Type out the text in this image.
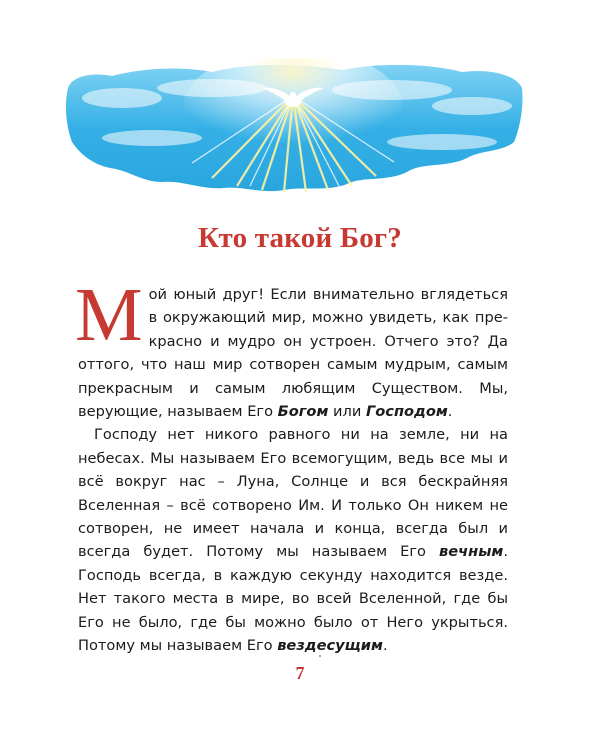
Кто такой Бог?

Мой юный друг! Если внимательно вглядеться в окружающий мир, можно увидеть, как прекрасно и мудро он устроен. Отчего это? Да оттого, что наш мир сотворен самым мудрым, самым прекрасным и самым любящим Существом. Мы, верующие, называем Его Богом или Господом.

Господу нет никого равного ни на земле, ни на небесах. Мы называем Его всемогущим, ведь все мы и всё вокруг нас – Луна, Солнце и вся бескрайняя Вселенная – всё сотворено Им. И только Он никем не сотворен, не имеет начала и конца, всегда был и всегда будет. Потому мы называем Его вечным. Господь всегда, в каждую секунду находится везде. Нет такого места в мире, во всей Вселенной, где бы Его не было, где бы можно было от Него укрыться. Потому мы называем Его вездесущим.

7
